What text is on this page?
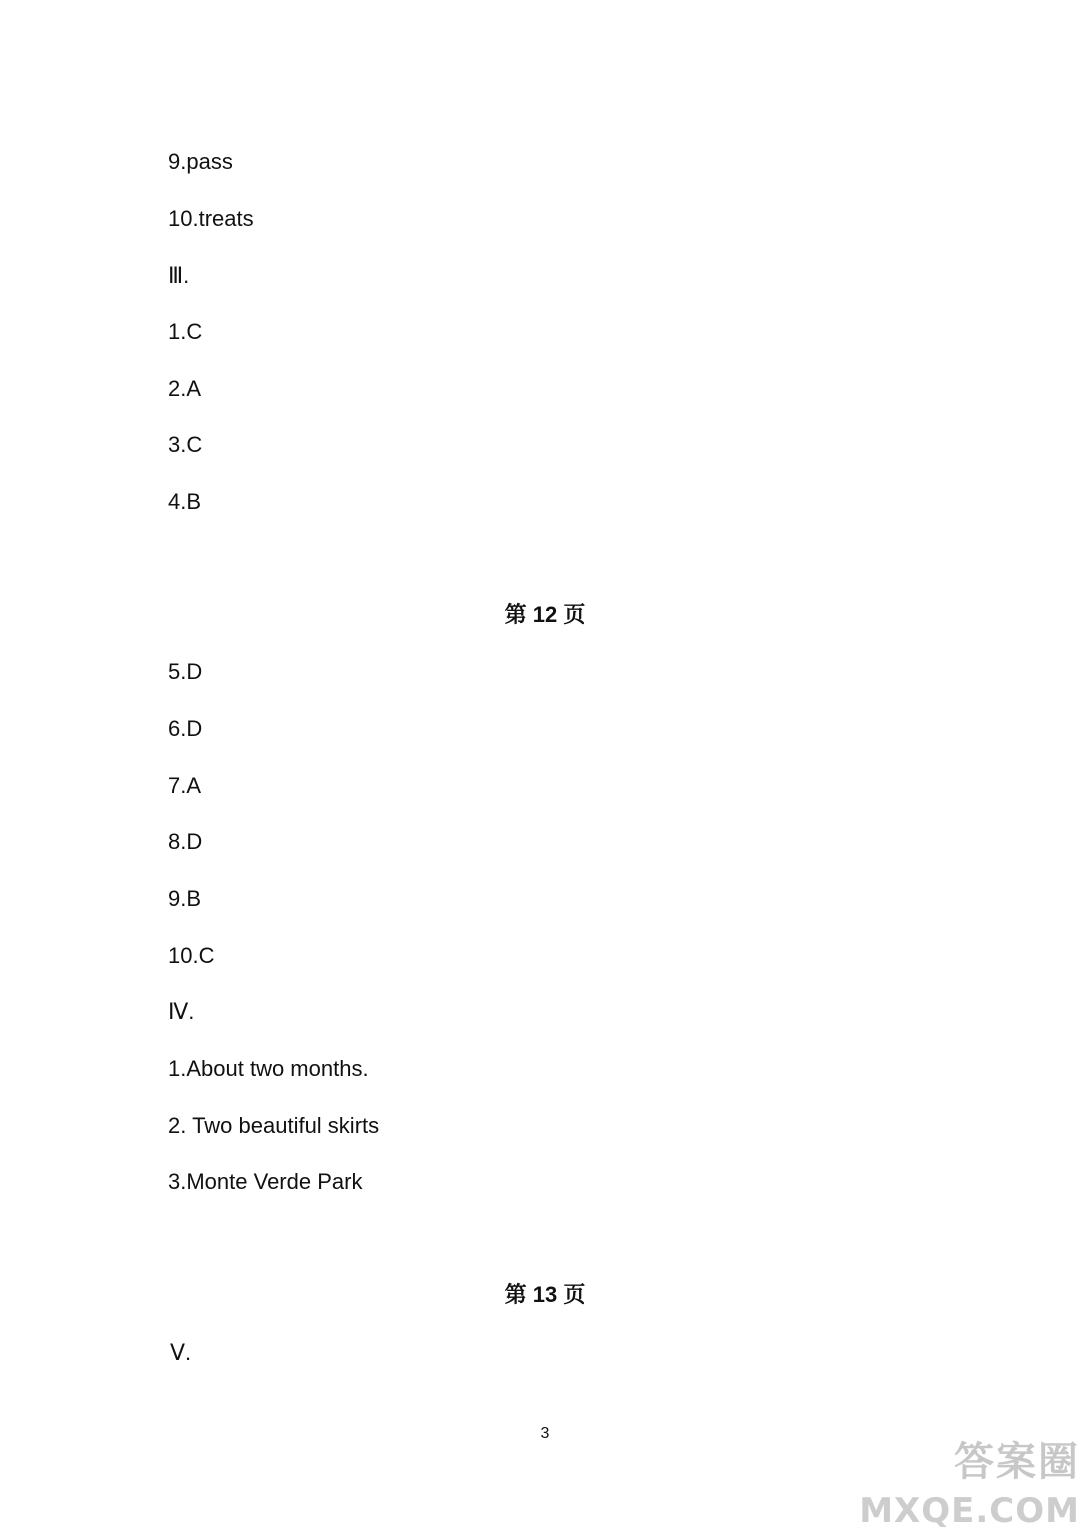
9.pass
10.treats
Ⅲ.
1.C
2.A
3.C
4.B
第 12 页
5.D
6.D
7.A
8.D
9.B
10.C
Ⅳ.
1.About two months.
2. Two beautiful skirts
3.Monte Verde Park
第 13 页
Ⅴ.
3
答案圈
MXQE.COM
